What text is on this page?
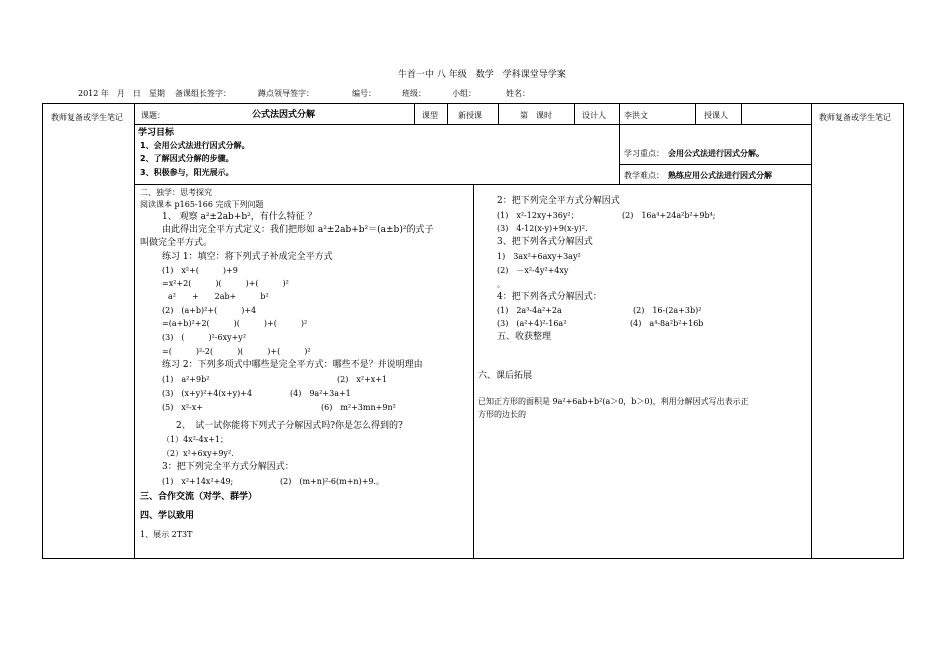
牛首一中 八 年级　数学　学科课堂导学案
2012 年　月　日　星期 备课组长签字：	蹲点领导签字：	编号：	班级：	小组：	姓名：
教师复备或学生笔记	教师复备或学生笔记
课题：	公式法因式分解	课型	新授课	第　课时	设计人 李洪文	授课人
学习目标
1、会用公式法进行因式分解。
2、了解因式分解的步骤。
3、积极参与，阳光展示。
学习重点： 会用公式法进行因式分解。
教学难点： 熟练应用公式法进行因式分解
二、独学：思考探究
阅读课本 p165-166 完成下列问题
1、 观察 a²±2ab+b²，有什么特征 ？
由此得出完全平方式定义：我们把形如 a²±2ab+b²＝(a±b)²的式子
叫做完全平方式。
练习 1：填空：将下列式子补成完全平方式
(1)　x²+(　　　)+9
=x²+2(　　　)(　　　)+(　　　)²
a²　　+　　2ab+　　　b²
(2)　(a+b)²+(　　　)+4
=(a+b)²+2(　　　)(　　　)+(　　　)²
(3)　(　　　)²-6xy+y²
=(　　　)²-2(　　　)(　　　)+(　　　)²
练习 2：下列多项式中哪些是完全平方式：哪些不是？并说明理由
(1)　a²+9b²	(2)　x²+x+1
(3)　(x+y)²+4(x+y)+4	(4)　9a²+3a+1
(5)　x²-x+	(6)　m²+3mn+9n²
2、　试一试你能将下列式子分解因式吗?你是怎么得到的?
（1）4x²-4x+1；
（2）x²+6xy+9y².
3：把下列完全平方式分解因式：
(1)　x²+14x²+49;	(2)　(m+n)²-6(m+n)+9.。
三、合作交流（对学、群学）
四、学以致用
1、展示 2T3T
2：把下列完全平方式分解因式
(1)　x²-12xy+36y²；	(2)　16a⁴+24a²b²+9b⁴;
(3)　4-12(x-y)+9(x-y)².
3、把下列各式分解因式
1)　3ax²+6axy+3ay²
(2)　－x²-4y²+4xy
。
4：把下列各式分解因式：
(1)　2a³-4a²+2a	(2)　16-(2a+3b)²
(3)　(a²+4)²-16a²	(4)　a⁴-8a²b²+16b
五、收获整理
六、课后拓展
已知正方形的面积是 9a²+6ab+b²(a＞0，b＞0)，利用分解因式写出表示正
方形的边长的
